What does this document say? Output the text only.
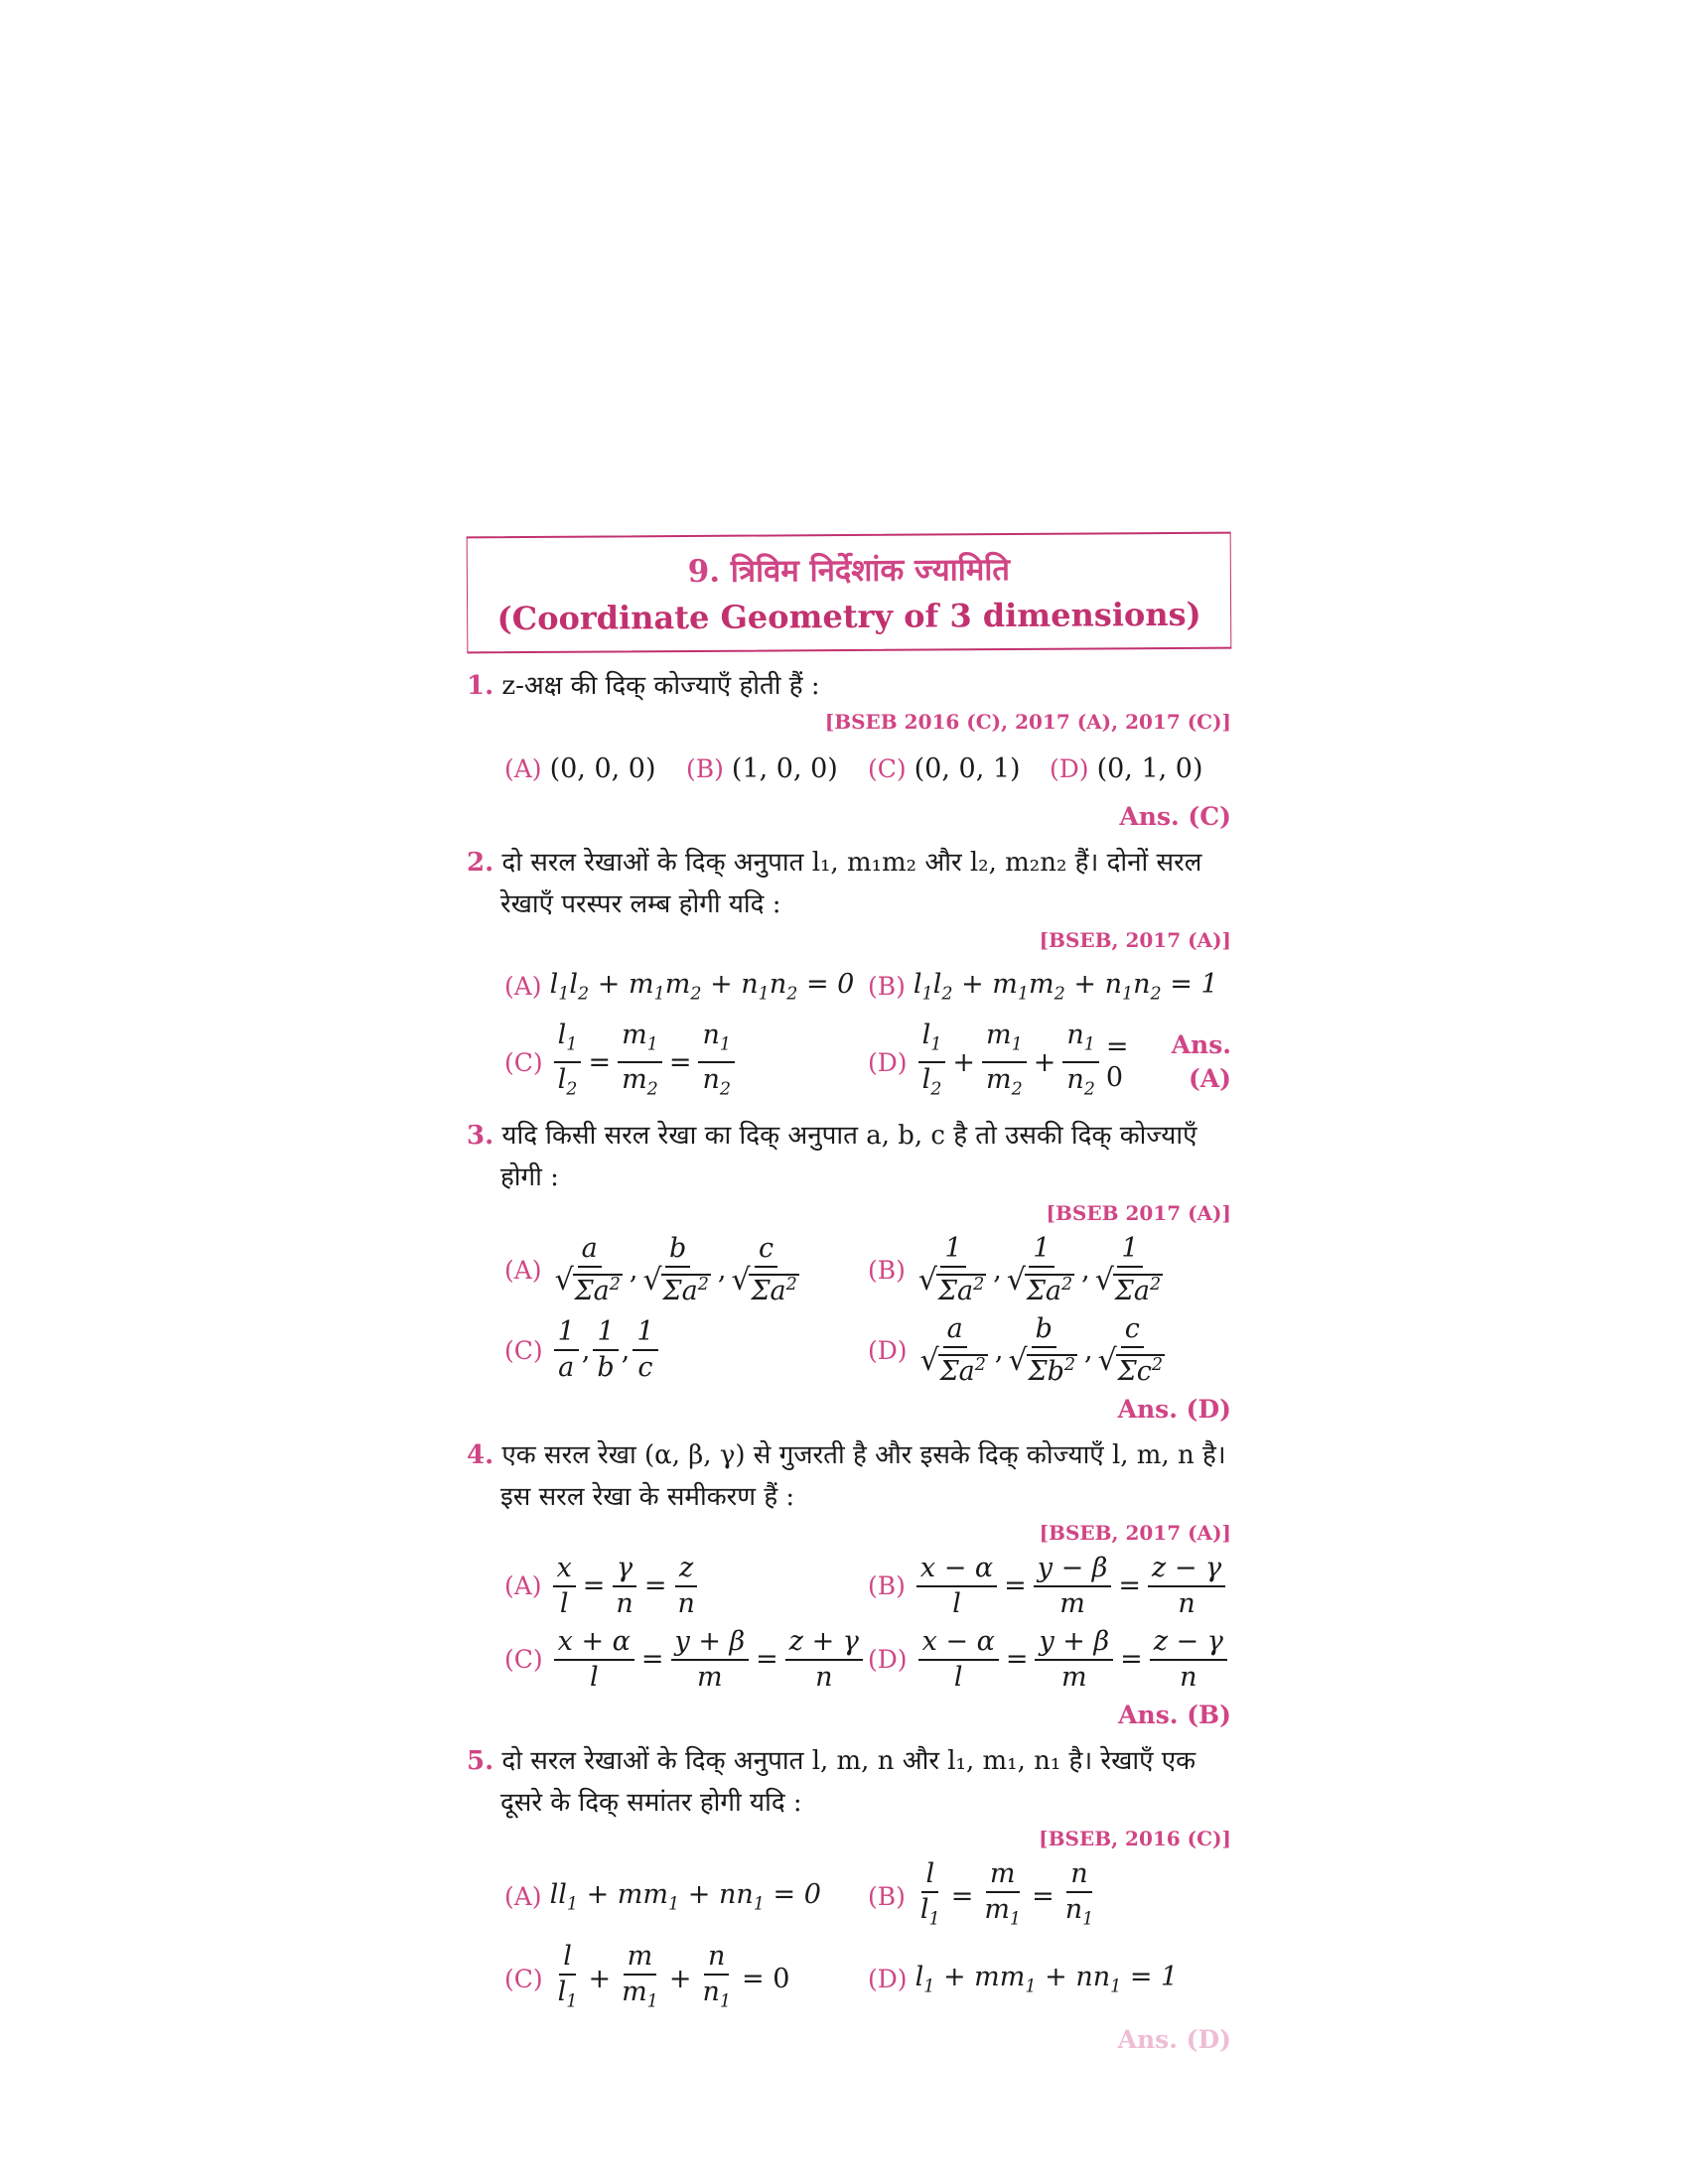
9. त्रिविम निर्देशांक ज्यामिति
(Coordinate Geometry of 3 dimensions)
1. z-अक्ष की दिक् कोज्याएँ होती हैं :
[BSEB 2016 (C), 2017 (A), 2017 (C)]
(A) (0, 0, 0) (B) (1, 0, 0) (C) (0, 0, 1) (D) (0, 1, 0)
Ans. (C)
2. दो सरल रेखाओं के दिक् अनुपात l₁, m₁m₂ और l₂, m₂n₂ हैं। दोनों सरल रेखाएँ परस्पर लम्ब होगी यदि :
[BSEB, 2017 (A)]
(A) $l_1l_2 + m_1m_2 + n_1n_2 = 0$ (B) $l_1l_2 + m_1m_2 + n_1n_2 = 1$
$(C) \frac{l_1}{l_2} = \frac{m_1}{m_2} = \frac{n_1}{n_2}$	$(D) \frac{l_1}{l_2} + \frac{m_1}{m_2} + \frac{n_1}{n_2} = 0$
Ans. (A)
3. यदि किसी सरल रेखा का दिक् अनुपात a, b, c है तो उसकी दिक् कोज्याएँ होगी :
[BSEB 2017 (A)]
(A) a
√ $\Sigma a^2$ , b
√ $\Sigma a^2$ , c
√ $\Sigma a^2$	(B) 1
√ $\Sigma a^2$ , 1
√ $\Sigma a^2$ , 1
√ $\Sigma a^2$
$(C) \frac{1}{a}$ , $\frac{1}{b}$ , $\frac{1}{c}$	(D) a
√ $\Sigma a^2$ , b
√ $\Sigma b^2$ , c
√ $\Sigma c^2$
Ans. (D)
4. एक सरल रेखा (α, β, γ) से गुजरती है और इसके दिक् कोज्याएँ l, m, n है। इस सरल रेखा के समीकरण हैं :
[BSEB, 2017 (A)]
$(A) \frac{x}{l} = \frac{\gamma}{n} = \frac{z}{n}$	$(B) \frac{x - \alpha}{l} = \frac{y - \beta}{m} = \frac{z - \gamma}{n}$
$(C) \frac{x + \alpha}{l} = \frac{y + \beta}{m} = \frac{z + \gamma}{n} (D) \frac{x - \alpha}{l} = \frac{y + \beta}{m} = \frac{z - \gamma}{n}$
Ans. (B)
5. दो सरल रेखाओं के दिक् अनुपात l, m, n और l₁, m₁, n₁ है। रेखाएँ एक दूसरे के दिक् समांतर होगी यदि :
[BSEB, 2016 (C)]
(A) $ll_1 + mm_1 + nn_1 = 0$ $(B) \frac{l}{l_1} = \frac{m}{m_1} = \frac{n}{n_1}$
$(C) \frac{l}{l_1} + \frac{m}{m_1} + \frac{n}{n_1} = 0$	(D) $l_1 + mm_1 + nn_1 = 1$
Ans. (D)
